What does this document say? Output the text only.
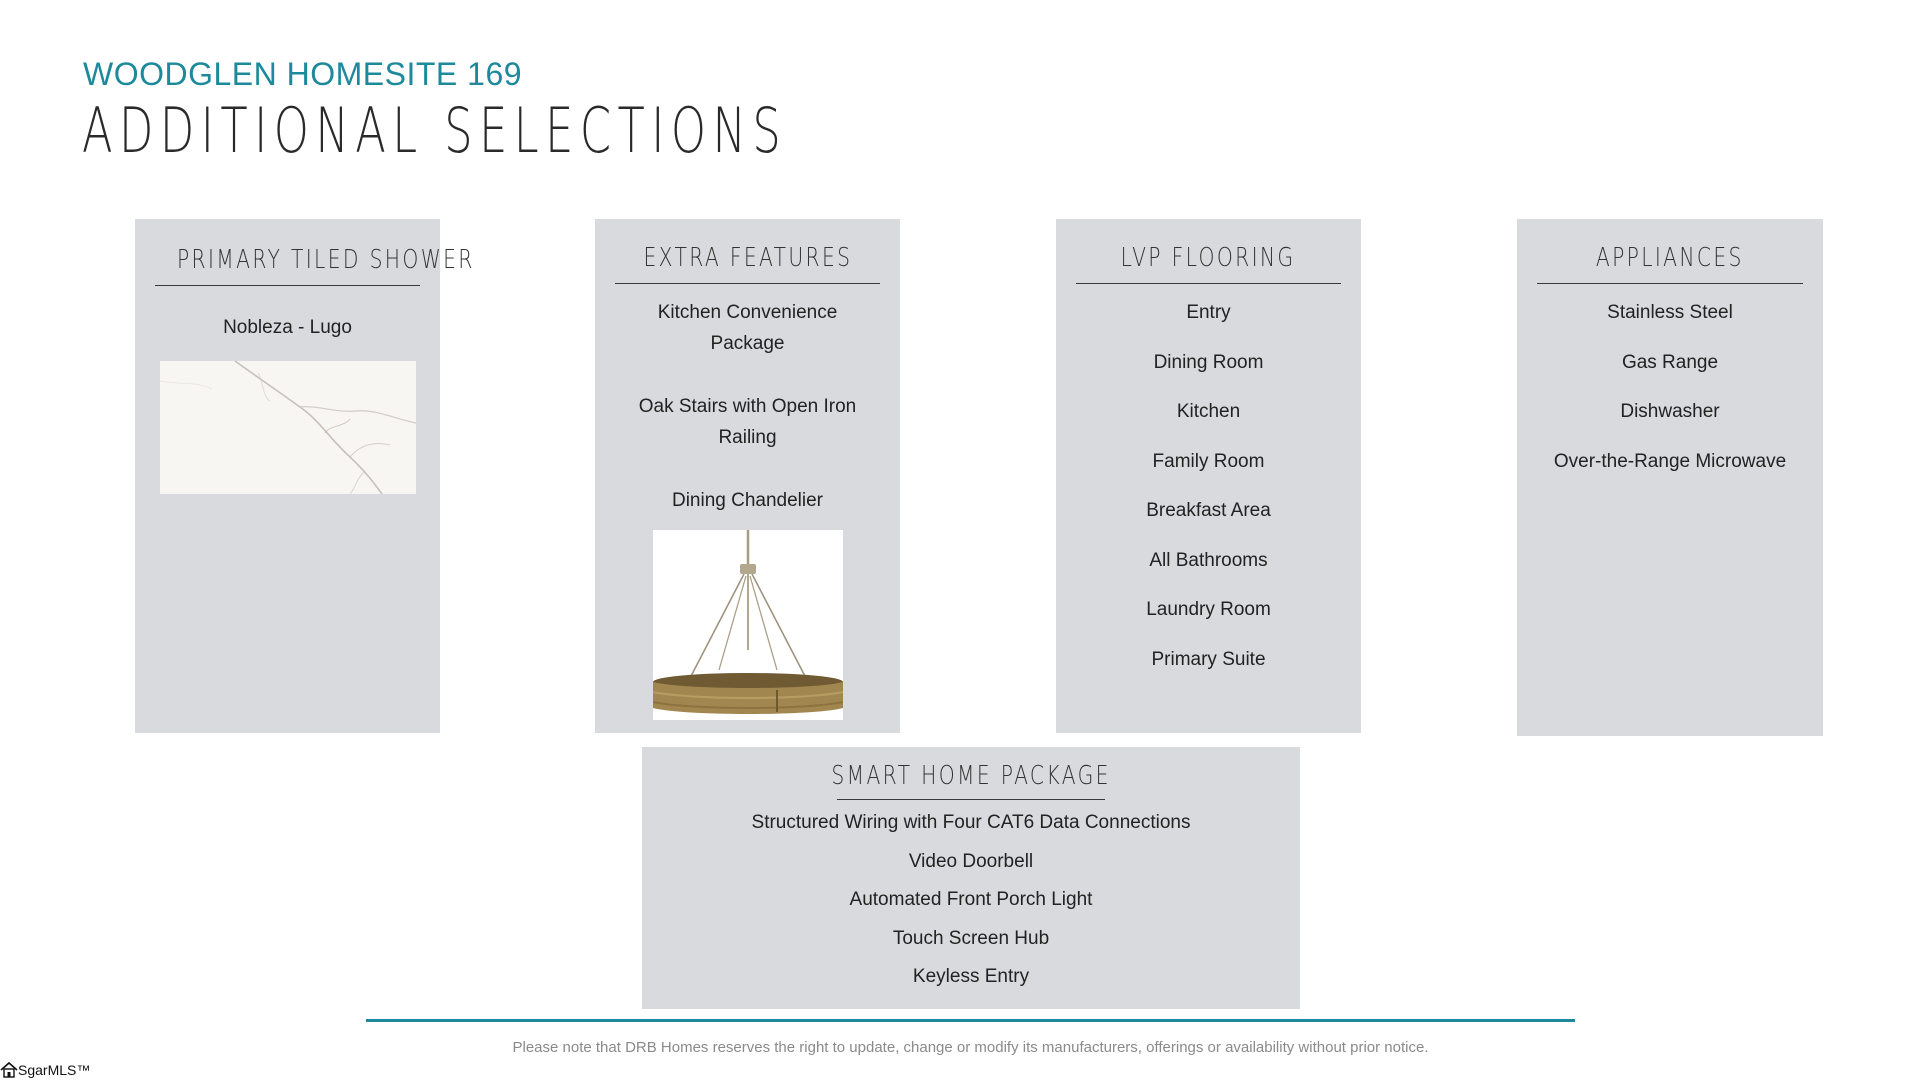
WOODGLEN HOMESITE 169
ADDITIONAL SELECTIONS
PRIMARY TILED SHOWER
Nobleza - Lugo
EXTRA FEATURES
Kitchen Convenience Package
Oak Stairs with Open Iron Railing
Dining Chandelier
LVP FLOORING
Entry
Dining Room
Kitchen
Family Room
Breakfast Area
All Bathrooms
Laundry Room
Primary Suite
APPLIANCES
Stainless Steel
Gas Range
Dishwasher
Over-the-Range Microwave
SMART HOME PACKAGE
Structured Wiring with Four CAT6 Data Connections
Video Doorbell
Automated Front Porch Light
Touch Screen Hub
Keyless Entry
Please note that DRB Homes reserves the right to update, change or modify its manufacturers, offerings or availability without prior notice.
SgarMLS™
